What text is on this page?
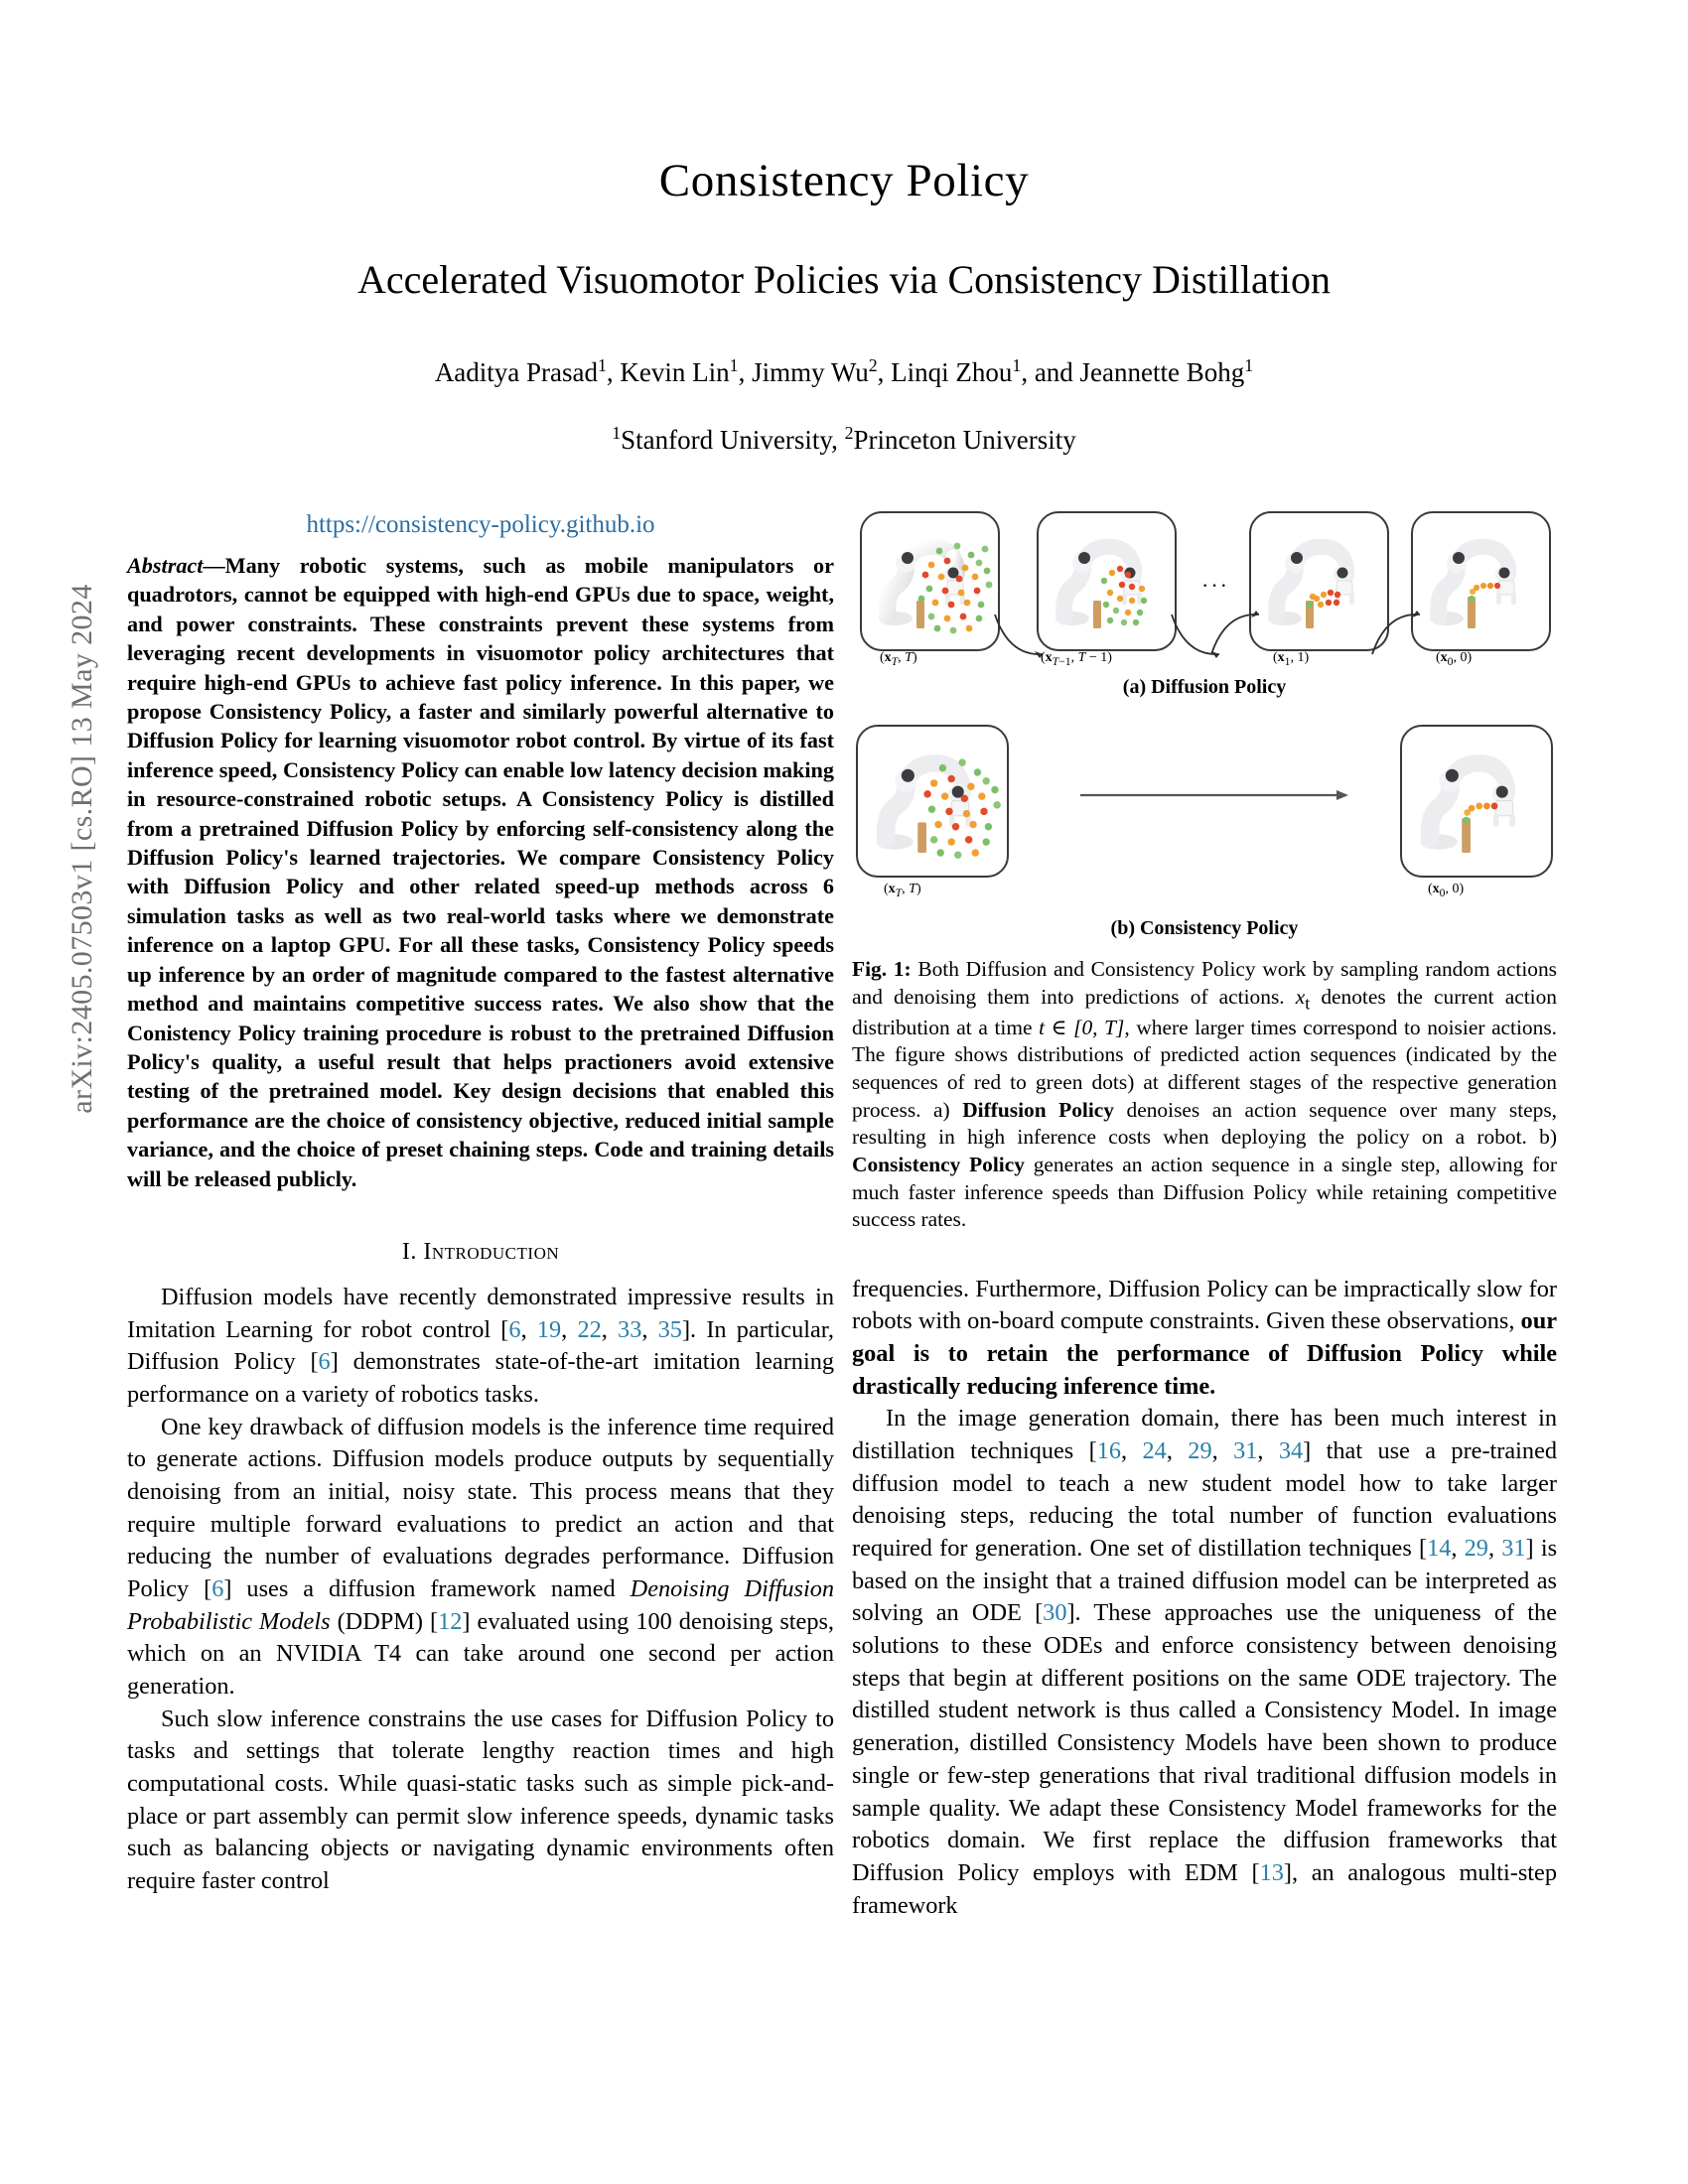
arXiv:2405.07503v1 [cs.RO] 13 May 2024
Consistency Policy
Accelerated Visuomotor Policies via Consistency Distillation
Aaditya Prasad$^1$, Kevin Lin$^1$, Jimmy Wu$^2$, Linqi Zhou$^1$, and Jeannette Bohg$^1$
$^1$Stanford University, $^2$Princeton University
https://consistency-policy.github.io
Abstract—Many robotic systems, such as mobile manipulators or quadrotors, cannot be equipped with high-end GPUs due to space, weight, and power constraints. These constraints prevent these systems from leveraging recent developments in visuomotor policy architectures that require high-end GPUs to achieve fast policy inference. In this paper, we propose Consistency Policy, a faster and similarly powerful alternative to Diffusion Policy for learning visuomotor robot control. By virtue of its fast inference speed, Consistency Policy can enable low latency decision making in resource-constrained robotic setups. A Consistency Policy is distilled from a pretrained Diffusion Policy by enforcing self-consistency along the Diffusion Policy's learned trajectories. We compare Consistency Policy with Diffusion Policy and other related speed-up methods across 6 simulation tasks as well as two real-world tasks where we demonstrate inference on a laptop GPU. For all these tasks, Consistency Policy speeds up inference by an order of magnitude compared to the fastest alternative method and maintains competitive success rates. We also show that the Conistency Policy training procedure is robust to the pretrained Diffusion Policy's quality, a useful result that helps practioners avoid extensive testing of the pretrained model. Key design decisions that enabled this performance are the choice of consistency objective, reduced initial sample variance, and the choice of preset chaining steps. Code and training details will be released publicly.
I. Introduction

Diffusion models have recently demonstrated impressive results in Imitation Learning for robot control [6, 19, 22, 33, 35]. In particular, Diffusion Policy [6] demonstrates state-of-the-art imitation learning performance on a variety of robotics tasks.

One key drawback of diffusion models is the inference time required to generate actions. Diffusion models produce outputs by sequentially denoising from an initial, noisy state. This process means that they require multiple forward evaluations to predict an action and that reducing the number of evaluations degrades performance. Diffusion Policy [6] uses a diffusion framework named Denoising Diffusion Probabilistic Models (DDPM) [12] evaluated using 100 denoising steps, which on an NVIDIA T4 can take around one second per action generation.

Such slow inference constrains the use cases for Diffusion Policy to tasks and settings that tolerate lengthy reaction times and high computational costs. While quasi-static tasks such as simple pick-and-place or part assembly can permit slow inference speeds, dynamic tasks such as balancing objects or navigating dynamic environments often require faster control

···
($x_T$, T)	($x_{T-1}$, T − 1)	($x_1$, 1)	($x_0$, 0)
(a) Diffusion Policy
($x_T$, T)	($x_0$, 0)
(b) Consistency Policy
Fig. 1: Both Diffusion and Consistency Policy work by sampling random actions and denoising them into predictions of actions. $x_t$ denotes the current action distribution at a time t ∈ [0, T], where larger times correspond to noisier actions. The figure shows distributions of predicted action sequences (indicated by the sequences of red to green dots) at different stages of the respective generation process. a) Diffusion Policy denoises an action sequence over many steps, resulting in high inference costs when deploying the policy on a robot. b) Consistency Policy generates an action sequence in a single step, allowing for much faster inference speeds than Diffusion Policy while retaining competitive success rates.

frequencies. Furthermore, Diffusion Policy can be impractically slow for robots with on-board compute constraints. Given these observations, our goal is to retain the performance of Diffusion Policy while drastically reducing inference time.

In the image generation domain, there has been much interest in distillation techniques [16, 24, 29, 31, 34] that use a pre-trained diffusion model to teach a new student model how to take larger denoising steps, reducing the total number of function evaluations required for generation. One set of distillation techniques [14, 29, 31] is based on the insight that a trained diffusion model can be interpreted as solving an ODE [30]. These approaches use the uniqueness of the solutions to these ODEs and enforce consistency between denoising steps that begin at different positions on the same ODE trajectory. The distilled student network is thus called a Consistency Model. In image generation, distilled Consistency Models have been shown to produce single or few-step generations that rival traditional diffusion models in sample quality. We adapt these Consistency Model frameworks for the robotics domain. We first replace the diffusion frameworks that Diffusion Policy employs with EDM [13], an analogous multi-step framework
